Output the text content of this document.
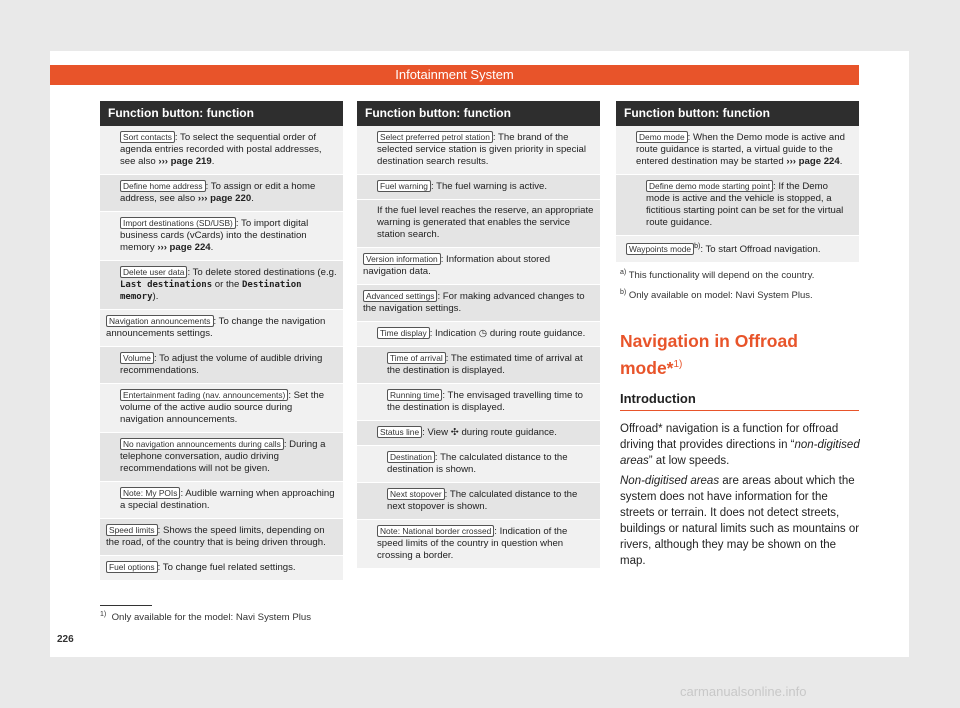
Infotainment System
Function button: function
Sort contacts : To select the sequential order of agenda entries recorded with postal addresses, see also ››› page 219.
Define home address : To assign or edit a home address, see also ››› page 220.
Import destinations (SD/USB) : To import digital business cards (vCards) into the destination memory ››› page 224.
Delete user data : To delete stored destinations (e.g. Last destinations or the Destination memory).
Navigation announcements : To change the navigation announcements settings.
Volume : To adjust the volume of audible driving recommendations.
Entertainment fading (nav. announcements) : Set the volume of the active audio source during navigation announcements.
No navigation announcements during calls : During a telephone conversation, audio driving recommendations will not be given.
Note: My POIs : Audible warning when approaching a special destination.
Speed limits : Shows the speed limits, depending on the road, of the country that is being driven through.
Fuel options : To change fuel related settings.
Function button: function
Select preferred petrol station : The brand of the selected service station is given priority in special destination search results.
Fuel warning : The fuel warning is active.
If the fuel level reaches the reserve, an appropriate warning is generated that enables the service station search.
Version information : Information about stored navigation data.
Advanced settings : For making advanced changes to the navigation settings.
Time display : Indication ◷ during route guidance.
Time of arrival : The estimated time of arrival at the destination is displayed.
Running time : The envisaged travelling time to the destination is displayed.
Status line : View ✣ during route guidance.
Destination : The calculated distance to the destination is shown.
Next stopover : The calculated distance to the next stopover is shown.
Note: National border crossed : Indication of the speed limits of the country in question when crossing a border.
Function button: function
Demo mode : When the Demo mode is active and route guidance is started, a virtual guide to the entered destination may be started ››› page 224.
Define demo mode starting point : If the Demo mode is active and the vehicle is stopped, a fictitious starting point can be set for the virtual route guidance.
Waypoints mode $^{b)}$: To start Offroad navigation.
$^{a)}$ This functionality will depend on the country.
$^{b)}$ Only available on model: Navi System Plus.
Navigation in Offroad mode*$^{1)}$
Introduction
Offroad* navigation is a function for offroad driving that provides directions in “non-digitised areas” at low speeds.
Non-digitised areas are areas about which the system does not have information for the streets or terrain. It does not detect streets, buildings or natural limits such as mountains or rivers, although they may be shown on the map.
$^{1)}$ Only available for the model: Navi System Plus
226
carmanualsonline.info
